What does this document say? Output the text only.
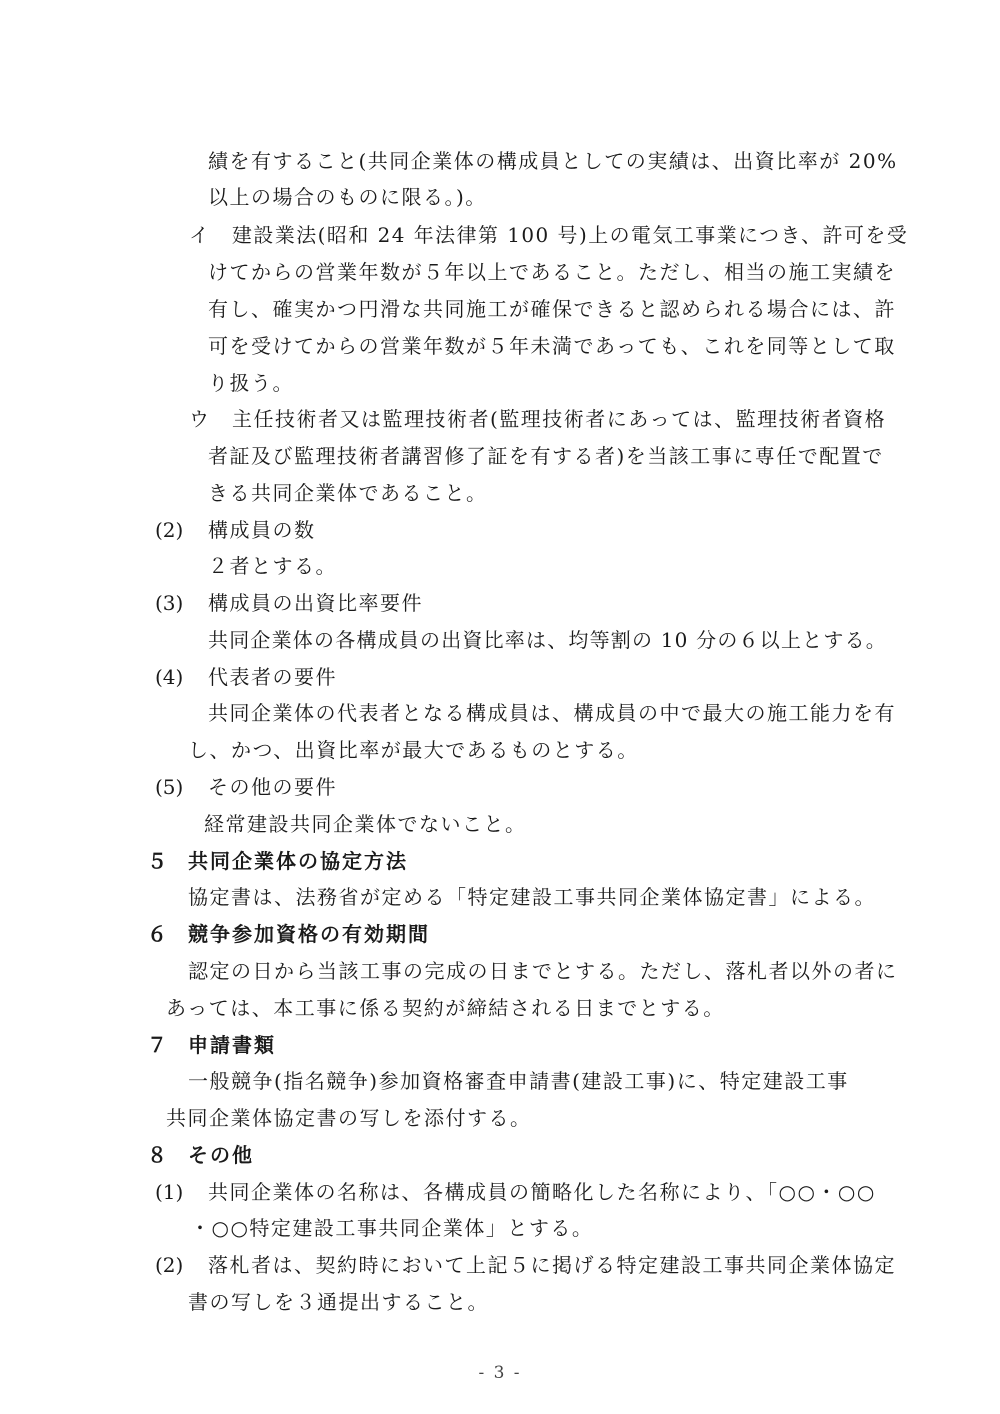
績を有すること(共同企業体の構成員としての実績は、出資比率が 20%
以上の場合のものに限る。)。
イ 建設業法(昭和 24 年法律第 100 号)上の電気工事業につき、許可を受
けてからの営業年数が５年以上であること。ただし、相当の施工実績を
有し、確実かつ円滑な共同施工が確保できると認められる場合には、許
可を受けてからの営業年数が５年未満であっても、これを同等として取
り扱う。
ウ 主任技術者又は監理技術者(監理技術者にあっては、監理技術者資格
者証及び監理技術者講習修了証を有する者)を当該工事に専任で配置で
きる共同企業体であること。
(2) 構成員の数
２者とする。
(3) 構成員の出資比率要件
共同企業体の各構成員の出資比率は、均等割の 10 分の６以上とする。
(4) 代表者の要件
共同企業体の代表者となる構成員は、構成員の中で最大の施工能力を有
し、かつ、出資比率が最大であるものとする。
(5) その他の要件
経常建設共同企業体でないこと。
５ 共同企業体の協定方法
協定書は、法務省が定める「特定建設工事共同企業体協定書」による。
６ 競争参加資格の有効期間
認定の日から当該工事の完成の日までとする。ただし、落札者以外の者に
あっては、本工事に係る契約が締結される日までとする。
７ 申請書類
一般競争(指名競争)参加資格審査申請書(建設工事)に、特定建設工事
共同企業体協定書の写しを添付する。
８ その他
(1) 共同企業体の名称は、各構成員の簡略化した名称により、「○○・○○
・○○特定建設工事共同企業体」とする。
(2) 落札者は、契約時において上記５に掲げる特定建設工事共同企業体協定
書の写しを３通提出すること。
- 3 -
